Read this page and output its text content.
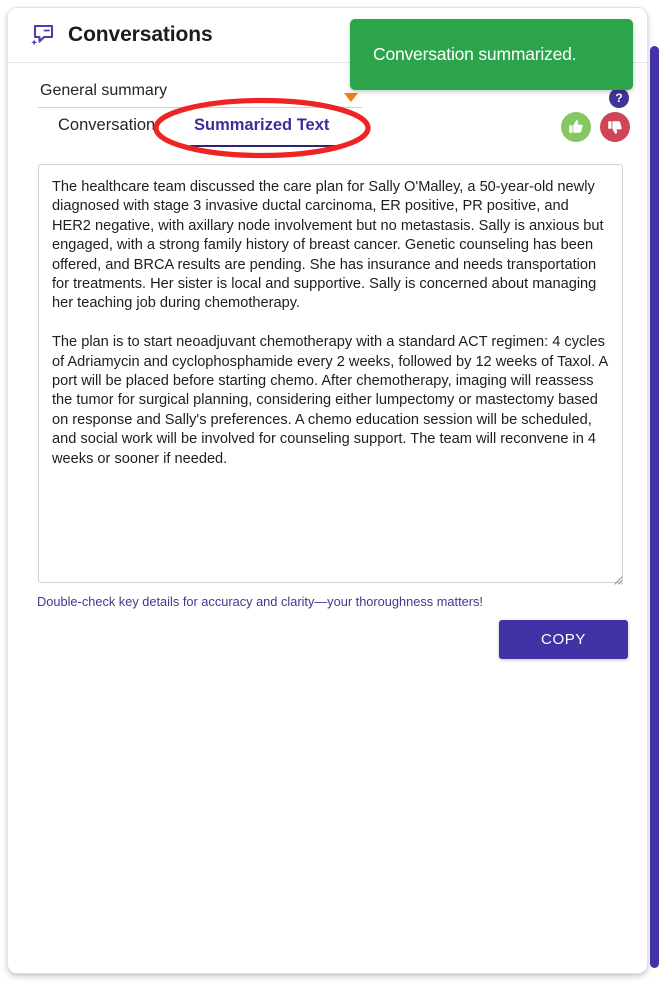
Conversations
General summary
Conversation Summarized Text
?
The healthcare team discussed the care plan for Sally O'Malley, a 50-year-old newly diagnosed with stage 3 invasive ductal carcinoma, ER positive, PR positive, and HER2 negative, with axillary node involvement but no metastasis. Sally is anxious but engaged, with a strong family history of breast cancer. Genetic counseling has been offered, and BRCA results are pending. She has insurance and needs transportation for treatments. Her sister is local and supportive. Sally is concerned about managing her teaching job during chemotherapy. The plan is to start neoadjuvant chemotherapy with a standard ACT regimen: 4 cycles of Adriamycin and cyclophosphamide every 2 weeks, followed by 12 weeks of Taxol. A port will be placed before starting chemo. After chemotherapy, imaging will reassess the tumor for surgical planning, considering either lumpectomy or mastectomy based on response and Sally's preferences. A chemo education session will be scheduled, and social work will be involved for counseling support. The team will reconvene in 4 weeks or sooner if needed.
Double-check key details for accuracy and clarity—your thoroughness matters!
COPY
Conversation summarized.
